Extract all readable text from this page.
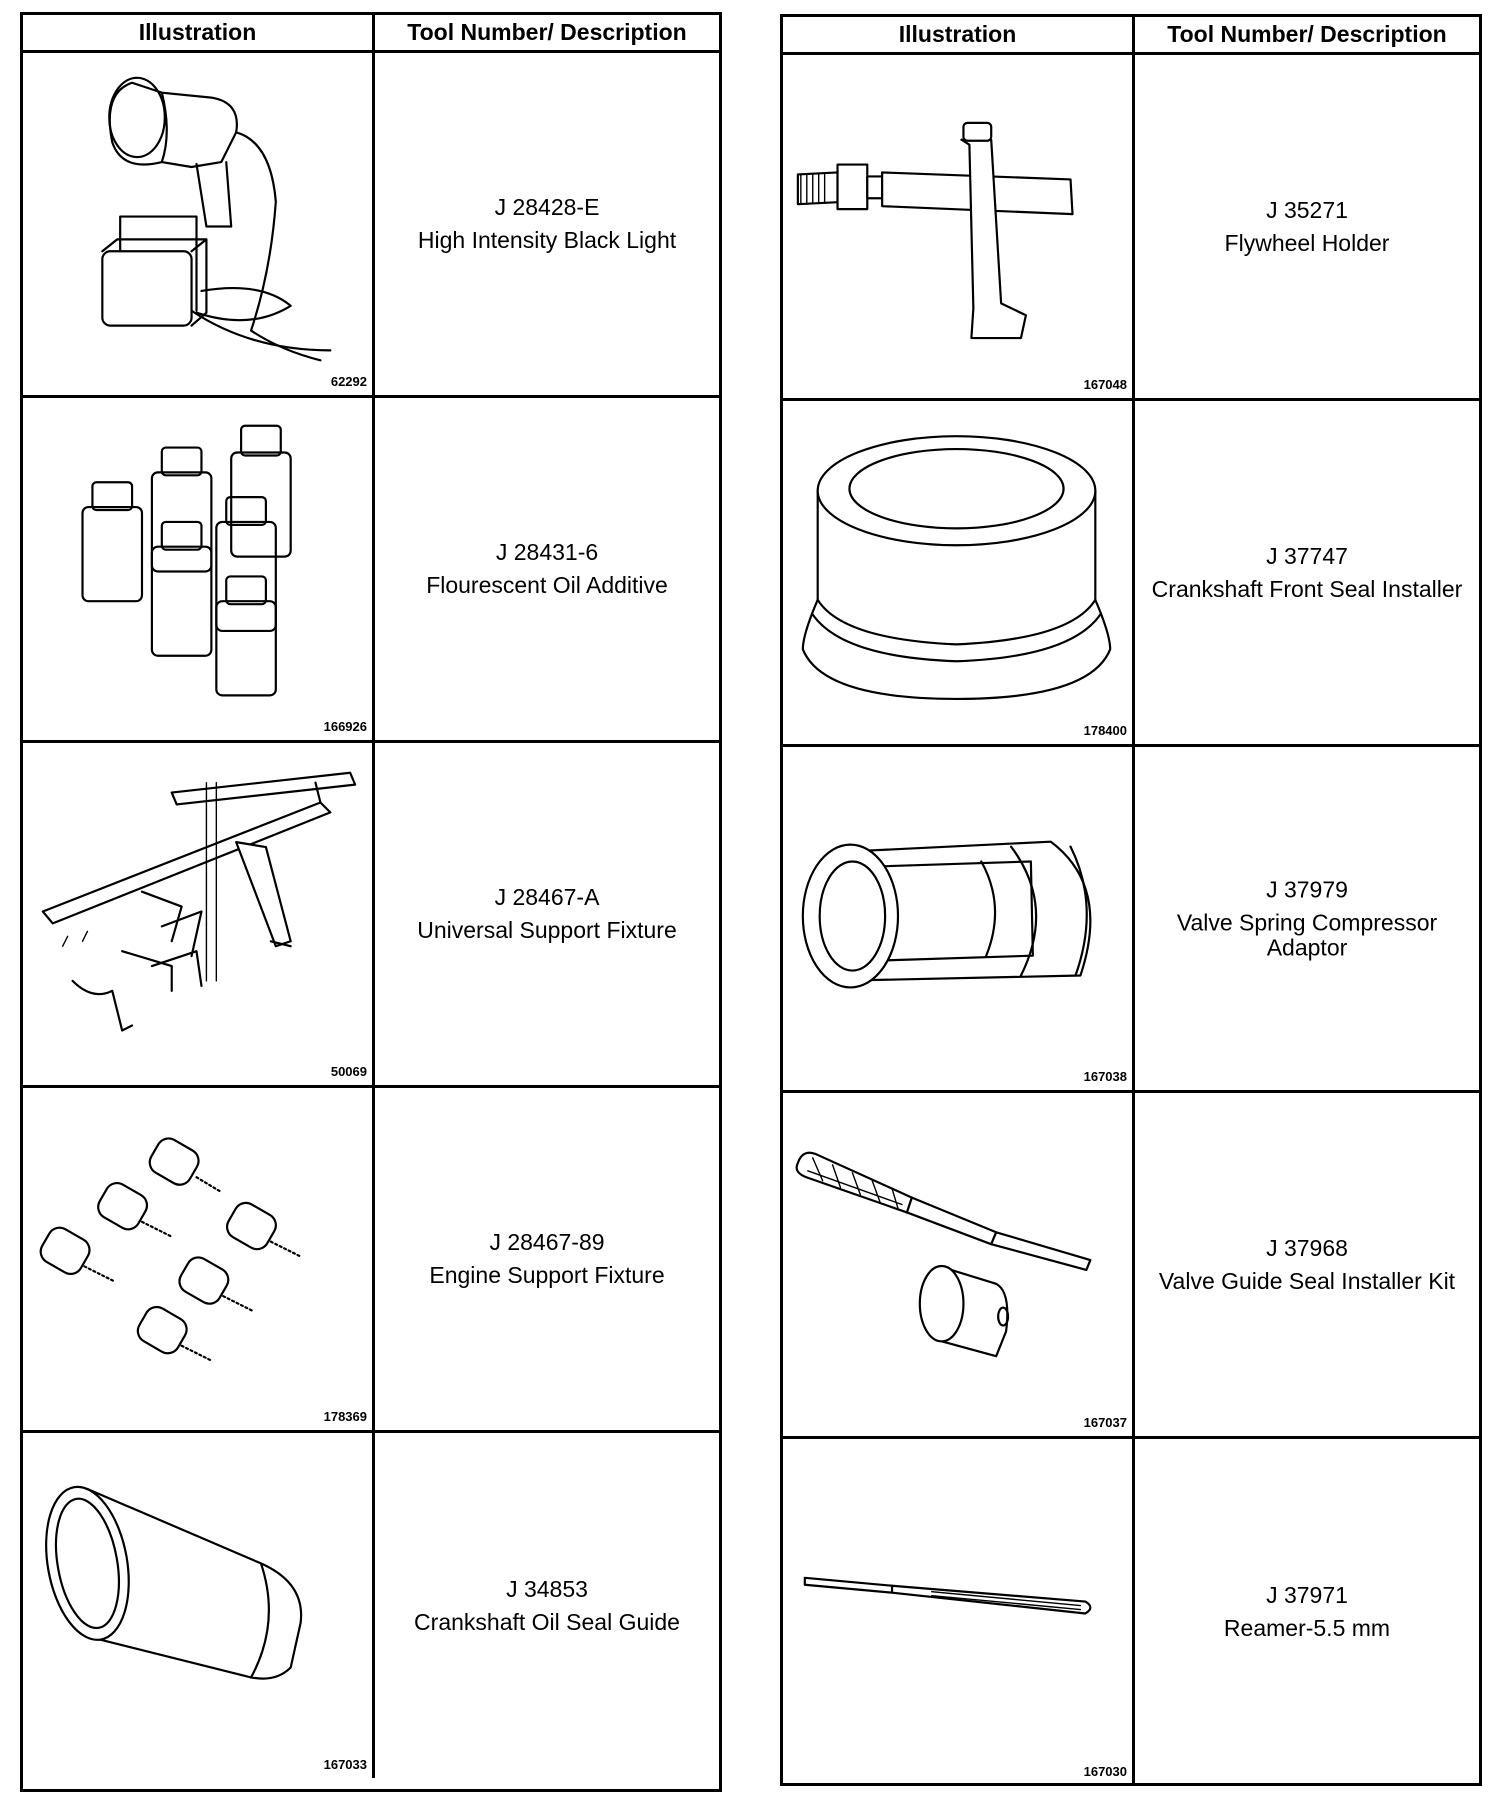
Illustration	Tool Number/ Description
J 28428-E
High Intensity Black Light
62292
J 28431-6
Flourescent Oil Additive
166926
J 28467-A
Universal Support Fixture
50069
J 28467-89
Engine Support Fixture
178369
J 34853
Crankshaft Oil Seal Guide
167033
Illustration	Tool Number/ Description
J 35271
Flywheel Holder
167048
J 37747
Crankshaft Front Seal Installer
178400
J 37979
Valve Spring Compressor Adaptor
167038
J 37968
Valve Guide Seal Installer Kit
167037
J 37971
Reamer-5.5 mm
167030
